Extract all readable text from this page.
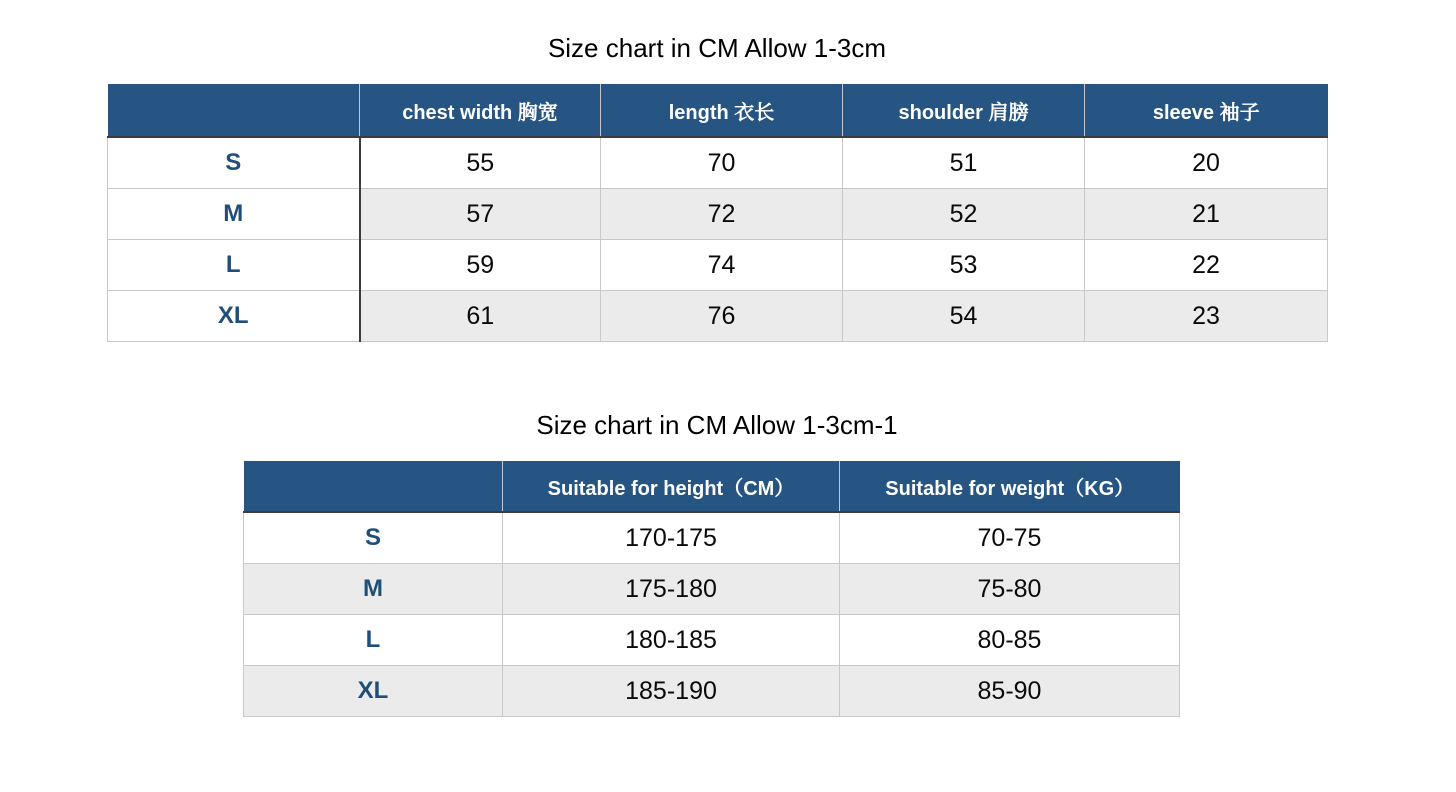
Size chart in CM Allow 1-3cm
	chest width 胸宽	length 衣长	shoulder 肩膀	sleeve 袖子
S	55	70	51	20
M	57	72	52	21
L	59	74	53	22
XL	61	76	54	23
Size chart in CM Allow 1-3cm-1
	Suitable for height（CM）	Suitable for weight（KG）
S	170-175	70-75
M	175-180	75-80
L	180-185	80-85
XL	185-190	85-90
